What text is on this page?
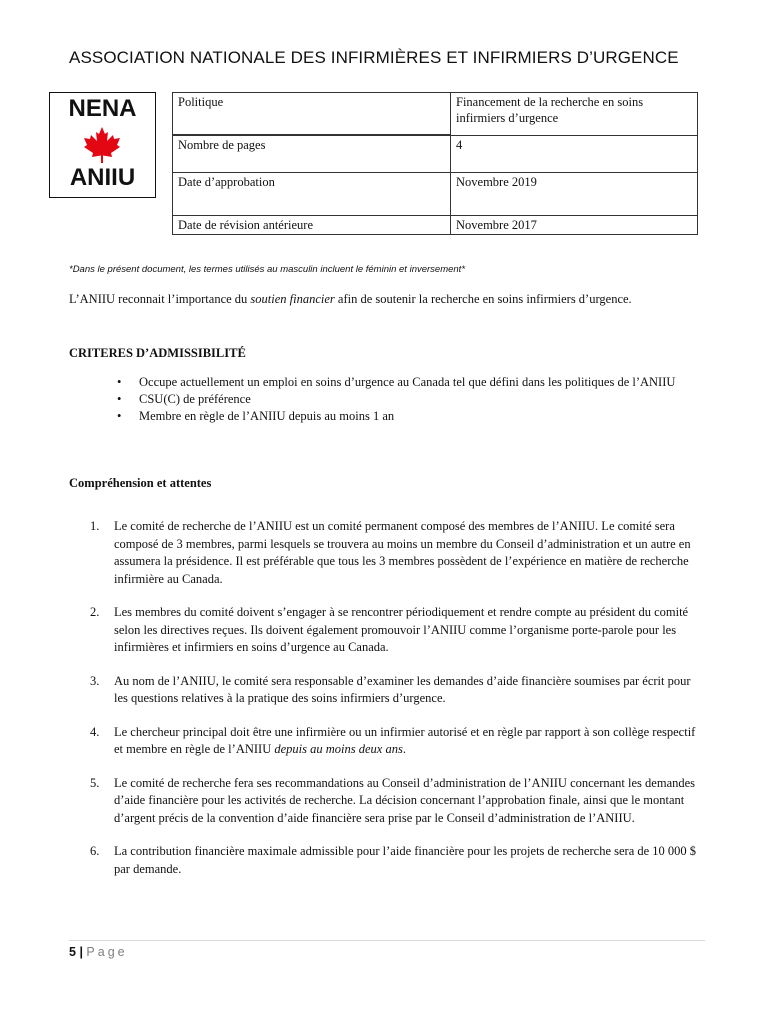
ASSOCIATION NATIONALE DES INFIRMIÈRES ET INFIRMIERS D’URGENCE
NENA
ANIIU
Politique	Financement de la recherche en soins infirmiers d’urgence

Nombre de pages	4
Date d’approbation	Novembre 2019
Date de révision antérieure	Novembre 2017
*Dans le présent document, les termes utilisés au masculin incluent le féminin et inversement*
L’ANIIU reconnait l’importance du soutien financier afin de soutenir la recherche en soins infirmiers d’urgence.
CRITERES D’ADMISSIBILITÉ
• Occupe actuellement un emploi en soins d’urgence au Canada tel que défini dans les politiques de l’ANIIU
• CSU(C) de préférence
• Membre en règle de l’ANIIU depuis au moins 1 an
Compréhension et attentes
1. Le comité de recherche de l’ANIIU est un comité permanent composé des membres de l’ANIIU. Le comité sera composé de 3 membres, parmi lesquels se trouvera au moins un membre du Conseil d’administration et un autre en assumera la présidence. Il est préférable que tous les 3 membres possèdent de l’expérience en matière de recherche infirmière au Canada.
2. Les membres du comité doivent s’engager à se rencontrer périodiquement et rendre compte au président du comité selon les directives reçues. Ils doivent également promouvoir l’ANIIU comme l’organisme porte-parole pour les infirmières et infirmiers en soins d’urgence au Canada.
3. Au nom de l’ANIIU, le comité sera responsable d’examiner les demandes d’aide financière soumises par écrit pour les questions relatives à la pratique des soins infirmiers d’urgence.
4. Le chercheur principal doit être une infirmière ou un infirmier autorisé et en règle par rapport à son collège respectif et membre en règle de l’ANIIU depuis au moins deux ans.
5. Le comité de recherche fera ses recommandations au Conseil d’administration de l’ANIIU concernant les demandes d’aide financière pour les activités de recherche. La décision concernant l’approbation finale, ainsi que le montant d’argent précis de la convention d’aide financière sera prise par le Conseil d’administration de l’ANIIU.
6. La contribution financière maximale admissible pour l’aide financière pour les projets de recherche sera de 10 000 $ par demande.
5 | Page
